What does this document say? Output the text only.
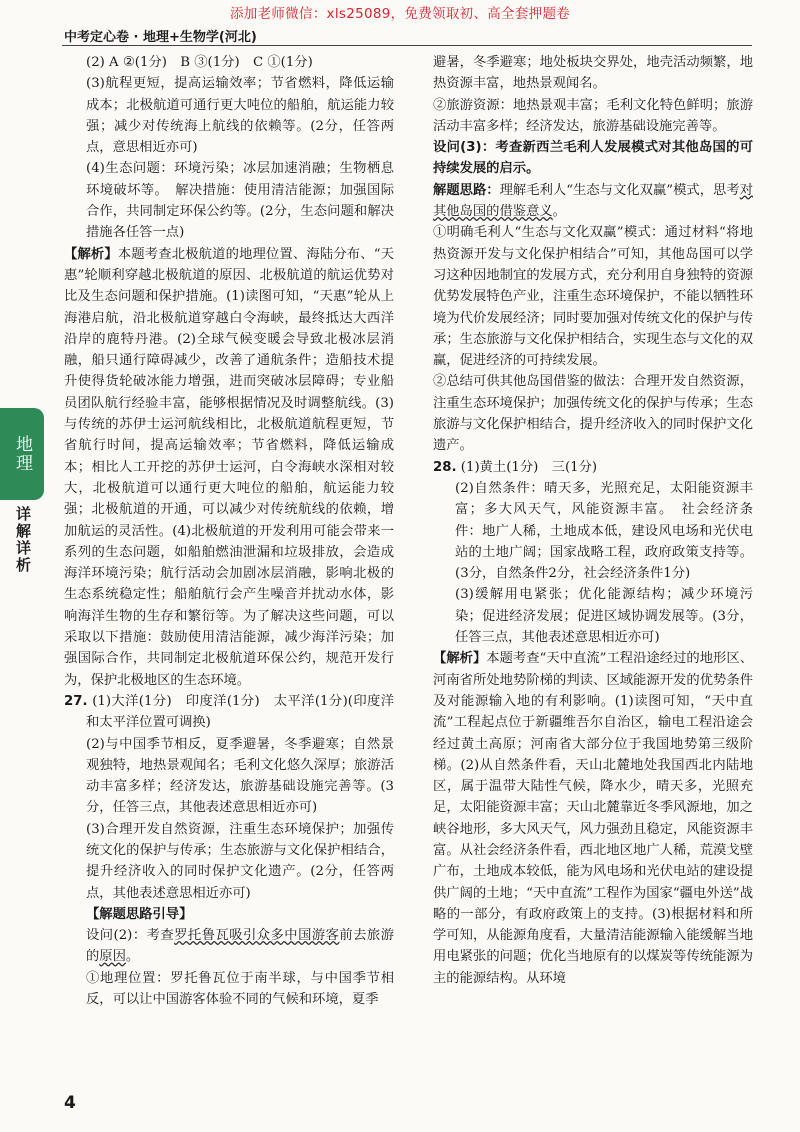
添加老师微信：xls25089，免费领取初、高全套押题卷
中考定心卷 · 地理+生物学(河北)
地理
详解详析

(2) A ②(1分)　B ③(1分)　C ①(1分)

(3)航程更短，提高运输效率；节省燃料，降低运输成本；北极航道可通行更大吨位的船舶，航运能力较强；减少对传统海上航线的依赖等。(2分，任答两点，意思相近亦可)

(4)生态问题：环境污染；冰层加速消融；生物栖息环境破坏等。　解决措施：使用清洁能源；加强国际合作，共同制定环保公约等。(2分，生态问题和解决措施各任答一点)

【解析】本题考查北极航道的地理位置、海陆分布、“天惠”轮顺利穿越北极航道的原因、北极航道的航运优势对比及生态问题和保护措施。(1)读图可知，“天惠”轮从上海港启航，沿北极航道穿越白令海峡，最终抵达大西洋沿岸的鹿特丹港。(2)全球气候变暖会导致北极冰层消融，船只通行障碍减少，改善了通航条件；造船技术提升使得货轮破冰能力增强，进而突破冰层障碍；专业船员团队航行经验丰富，能够根据情况及时调整航线。(3)与传统的苏伊士运河航线相比，北极航道航程更短，节省航行时间，提高运输效率；节省燃料，降低运输成本；相比人工开挖的苏伊士运河，白令海峡水深相对较大，北极航道可以通行更大吨位的船舶，航运能力较强；北极航道的开通，可以减少对传统航线的依赖，增加航运的灵活性。(4)北极航道的开发利用可能会带来一系列的生态问题，如船舶燃油泄漏和垃圾排放，会造成海洋环境污染；航行活动会加剧冰层消融，影响北极的生态系统稳定性；船舶航行会产生噪音并扰动水体，影响海洋生物的生存和繁衍等。为了解决这些问题，可以采取以下措施：鼓励使用清洁能源，减少海洋污染；加强国际合作，共同制定北极航道环保公约，规范开发行为，保护北极地区的生态环境。

27. (1)大洋(1分)　印度洋(1分)　太平洋(1分)(印度洋和太平洋位置可调换)

(2)与中国季节相反，夏季避暑，冬季避寒；自然景观独特，地热景观闻名；毛利文化悠久深厚；旅游活动丰富多样；经济发达，旅游基础设施完善等。(3分，任答三点，其他表述意思相近亦可)

(3)合理开发自然资源，注重生态环境保护；加强传统文化的保护与传承；生态旅游与文化保护相结合，提升经济收入的同时保护文化遗产。(2分，任答两点，其他表述意思相近亦可)

【解题思路引导】

设问(2)：考查罗托鲁瓦吸引众多中国游客前去旅游的原因。

①地理位置：罗托鲁瓦位于南半球，与中国季节相反，可以让中国游客体验不同的气候和环境，夏季

避暑，冬季避寒；地处板块交界处，地壳活动频繁，地热资源丰富，地热景观闻名。

②旅游资源：地热景观丰富；毛利文化特色鲜明；旅游活动丰富多样；经济发达，旅游基础设施完善等。

设问(3)：考查新西兰毛利人发展模式对其他岛国的可持续发展的启示。

解题思路：理解毛利人“生态与文化双赢”模式，思考对其他岛国的借鉴意义。

①明确毛利人“生态与文化双赢”模式：通过材料“将地热资源开发与文化保护相结合”可知，其他岛国可以学习这种因地制宜的发展方式，充分利用自身独特的资源优势发展特色产业，注重生态环境保护，不能以牺牲环境为代价发展经济；同时要加强对传统文化的保护与传承；生态旅游与文化保护相结合，实现生态与文化的双赢，促进经济的可持续发展。

②总结可供其他岛国借鉴的做法：合理开发自然资源，注重生态环境保护；加强传统文化的保护与传承；生态旅游与文化保护相结合，提升经济收入的同时保护文化遗产。

28. (1)黄土(1分)　三(1分)

(2)自然条件：晴天多，光照充足，太阳能资源丰富；多大风天气，风能资源丰富。　社会经济条件：地广人稀，土地成本低，建设风电场和光伏电站的土地广阔；国家战略工程，政府政策支持等。(3分，自然条件2分，社会经济条件1分)

(3)缓解用电紧张；优化能源结构；减少环境污染；促进经济发展；促进区域协调发展等。(3分，任答三点，其他表述意思相近亦可)

【解析】本题考查“天中直流”工程沿途经过的地形区、河南省所处地势阶梯的判读、区域能源开发的优势条件及对能源输入地的有利影响。(1)读图可知，“天中直流”工程起点位于新疆维吾尔自治区，输电工程沿途会经过黄土高原；河南省大部分位于我国地势第三级阶梯。(2)从自然条件看，天山北麓地处我国西北内陆地区，属于温带大陆性气候，降水少，晴天多，光照充足，太阳能资源丰富；天山北麓靠近冬季风源地，加之峡谷地形，多大风天气，风力强劲且稳定，风能资源丰富。从社会经济条件看，西北地区地广人稀，荒漠戈壁广布，土地成本较低，能为风电场和光伏电站的建设提供广阔的土地；“天中直流”工程作为国家“疆电外送”战略的一部分，有政府政策上的支持。(3)根据材料和所学可知，从能源角度看，大量清洁能源输入能缓解当地用电紧张的问题；优化当地原有的以煤炭等传统能源为主的能源结构。从环境

4
